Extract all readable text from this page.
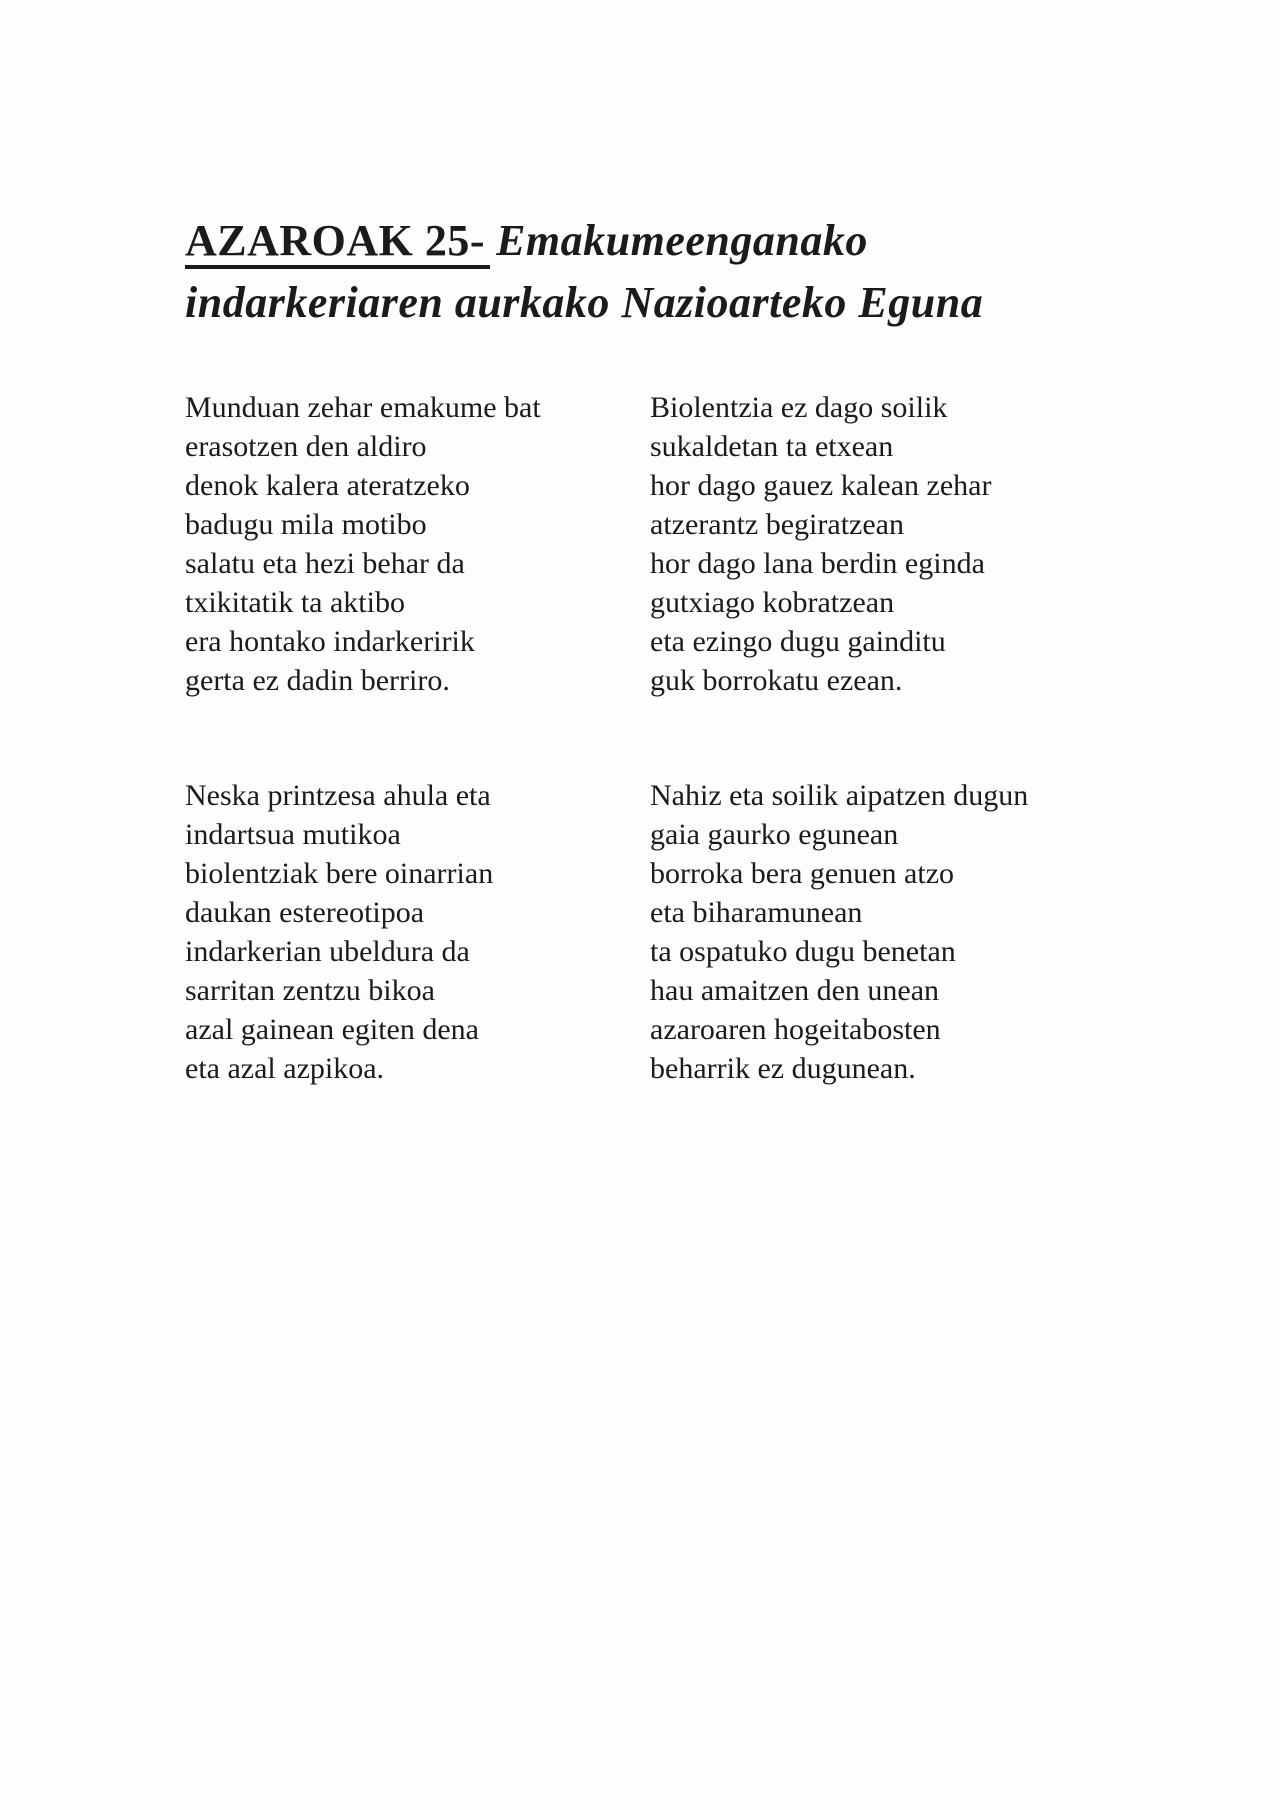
AZAROAK 25- Emakumeenganako
indarkeriaren aurkako Nazioarteko Eguna
Munduan zehar emakume bat
erasotzen den aldiro
denok kalera ateratzeko
badugu mila motibo
salatu eta hezi behar da
txikitatik ta aktibo
era hontako indarkeririk
gerta ez dadin berriro.
Biolentzia ez dago soilik
sukaldetan ta etxean
hor dago gauez kalean zehar
atzerantz begiratzean
hor dago lana berdin eginda
gutxiago kobratzean
eta ezingo dugu gainditu
guk borrokatu ezean.
Neska printzesa ahula eta
indartsua mutikoa
biolentziak bere oinarrian
daukan estereotipoa
indarkerian ubeldura da
sarritan zentzu bikoa
azal gainean egiten dena
eta azal azpikoa.
Nahiz eta soilik aipatzen dugun
gaia gaurko egunean
borroka bera genuen atzo
eta biharamunean
ta ospatuko dugu benetan
hau amaitzen den unean
azaroaren hogeitabosten
beharrik ez dugunean.
